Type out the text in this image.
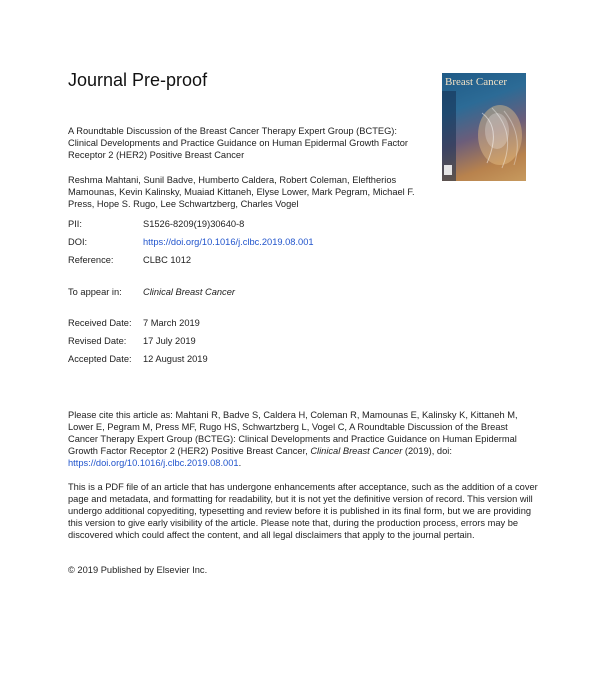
Journal Pre-proof	Breast Cancer
A Roundtable Discussion of the Breast Cancer Therapy Expert Group (BCTEG): Clinical Developments and Practice Guidance on Human Epidermal Growth Factor Receptor 2 (HER2) Positive Breast Cancer
Reshma Mahtani, Sunil Badve, Humberto Caldera, Robert Coleman, Eleftherios Mamounas, Kevin Kalinsky, Muaiad Kittaneh, Elyse Lower, Mark Pegram, Michael F. Press, Hope S. Rugo, Lee Schwartzberg, Charles Vogel
PII:	S1526-8209(19)30640-8
DOI:	https://doi.org/10.1016/j.clbc.2019.08.001
Reference:	CLBC 1012
To appear in: Clinical Breast Cancer
Received Date: 7 March 2019
Revised Date: 17 July 2019
Accepted Date: 12 August 2019
Please cite this article as: Mahtani R, Badve S, Caldera H, Coleman R, Mamounas E, Kalinsky K, Kittaneh M, Lower E, Pegram M, Press MF, Rugo HS, Schwartzberg L, Vogel C, A Roundtable Discussion of the Breast Cancer Therapy Expert Group (BCTEG): Clinical Developments and Practice Guidance on Human Epidermal Growth Factor Receptor 2 (HER2) Positive Breast Cancer, Clinical Breast Cancer (2019), doi: https://doi.org/10.1016/j.clbc.2019.08.001.
This is a PDF file of an article that has undergone enhancements after acceptance, such as the addition of a cover page and metadata, and formatting for readability, but it is not yet the definitive version of record. This version will undergo additional copyediting, typesetting and review before it is published in its final form, but we are providing this version to give early visibility of the article. Please note that, during the production process, errors may be discovered which could affect the content, and all legal disclaimers that apply to the journal pertain.
© 2019 Published by Elsevier Inc.
